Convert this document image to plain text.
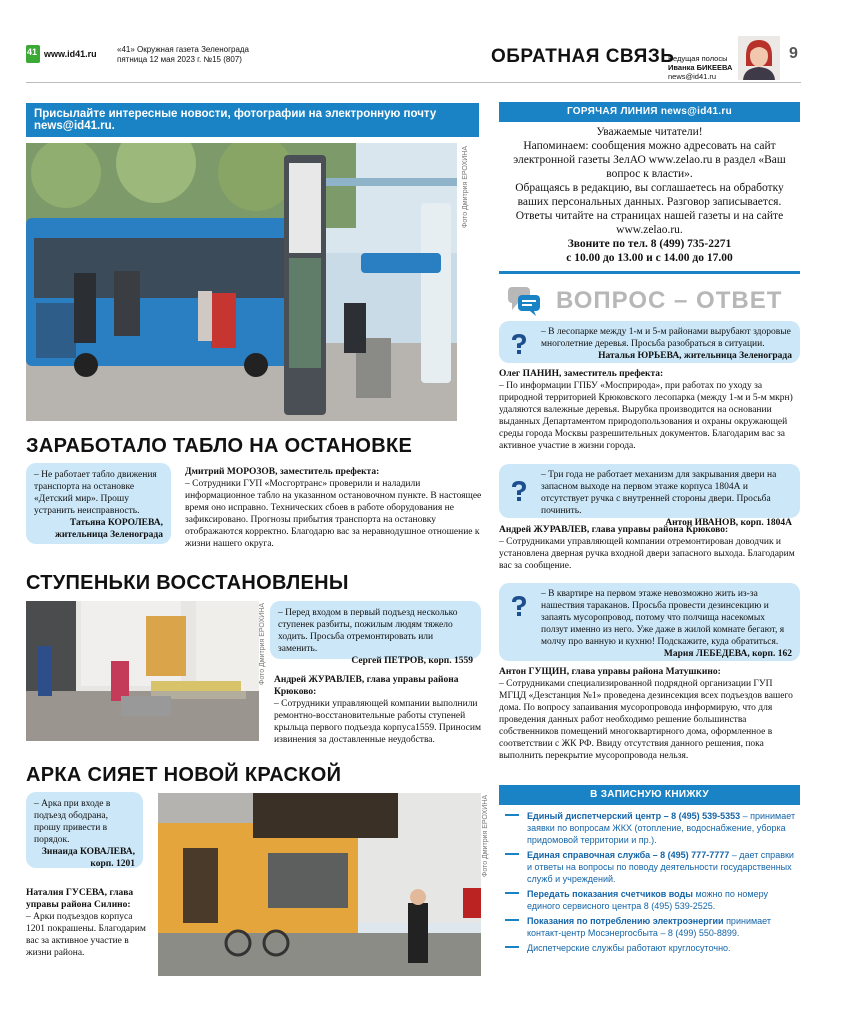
41
www.id41.ru	«41» Окружная газета Зеленограда
пятница 12 мая 2023 г. №15 (807)	ОБРАТНАЯ СВЯЗЬ
Ведущая полосы
Иванка БИКЕЕВА
news@id41.ru
9
Присылайте интересные новости, фотографии на электронную почту news@id41.ru.
Фото Дмитрия ЕРОХИНА
ЗАРАБОТАЛО ТАБЛО НА ОСТАНОВКЕ
– Не работает табло движения транспорта на остановке «Детский мир». Прошу устранить неисправность.
Татьяна КОРОЛЕВА, жительница Зеленограда
Дмитрий МОРОЗОВ, заместитель префекта:
– Сотрудники ГУП «Мосгортранс» проверили и наладили информационное табло на указанном остановочном пункте. В настоящее время оно исправно. Технических сбоев в работе оборудования не зафиксировано. Прогнозы прибытия транспорта на остановку отображаются корректно. Благодарю вас за неравнодушное отношение к жизни нашего округа.
СТУПЕНЬКИ ВОССТАНОВЛЕНЫ
Фото Дмитрия ЕРОХИНА – Перед входом в первый подъезд несколько ступенек разбиты, пожилым людям тяжело ходить. Просьба отремонтировать или заменить.
Сергей ПЕТРОВ, корп. 1559
Андрей ЖУРАВЛЕВ, глава управы района Крюково:
– Сотрудники управляющей компании выполнили ремонтно-восстановительные работы ступеней крыльца первого подъезда корпуса1559. Приносим извинения за доставленные неудобства.
АРКА СИЯЕТ НОВОЙ КРАСКОЙ
– Арка при входе в подъезд ободрана, прошу привести в порядок.
Зинаида КОВАЛЕВА, корп. 1201
Наталия ГУСЕВА, глава управы района Силино:
– Арки подъездов корпуса 1201 покрашены. Благодарим вас за активное участие в жизни района.
Фото Дмитрия ЕРОХИНА
ГОРЯЧАЯ ЛИНИЯ news@id41.ru
Уважаемые читатели!
Напоминаем: сообщения можно адресовать на сайт электронной газеты ЗелАО www.zelao.ru в раздел «Ваш вопрос к власти».
Обращаясь в редакцию, вы соглашаетесь на обработку ваших персональных данных. Разговор записывается.
Ответы читайте на страницах нашей газеты и на сайте www.zelao.ru.
Звоните по тел. 8 (499) 735-2271
с 10.00 до 13.00 и с 14.00 до 17.00
ВОПРОС – ОТВЕТ
– В лесопарке между 1-м и 5-м районами вырубают здоровые многолетние деревья. Просьба разобраться в ситуации.
Наталья ЮРЬЕВА, жительница Зеленограда
Олег ПАНИН, заместитель префекта:
– По информации ГПБУ «Мосприрода», при работах по уходу за природной территорией Крюковского лесопарка (между 1-м и 5-м мкрн) удаляются валежные деревья. Вырубка производится на основании выданных Департаментом природопользования и охраны окружающей среды города Москвы разрешительных документов. Благодарим вас за активное участие в жизни города.
– Три года не работает механизм для закрывания двери на запасном выходе на первом этаже корпуса 1804А и отсутствует ручка с внутренней стороны двери. Просьба починить.
Антон ИВАНОВ, корп. 1804А
Андрей ЖУРАВЛЕВ, глава управы района Крюково:
– Сотрудниками управляющей компании отремонтирован доводчик и установлена дверная ручка входной двери запасного выхода. Благодарим вас за сообщение.
– В квартире на первом этаже невозможно жить из-за нашествия тараканов. Просьба провести дезинсекцию и запаять мусоропровод, потому что полчища насекомых ползут именно из него. Уже даже в жилой комнате бегают, я молчу про ванную и кухню! Подскажите, куда обратиться.
Мария ЛЕБЕДЕВА, корп. 162
Антон ГУЩИН, глава управы района Матушкино:
– Сотрудниками специализированной подрядной организации ГУП МГЦД «Дезстанция №1» проведена дезинсекция всех подъездов вашего дома. По вопросу запаивания мусоропровода информирую, что для проведения данных работ необходимо решение большинства собственников помещений многоквартирного дома, оформленное в соответствии с ЖК РФ. Ввиду отсутствия данного решения, пока выполнить перекрытие мусоропровода нельзя.
В ЗАПИСНУЮ КНИЖКУ
Единый диспетчерский центр – 8 (495) 539-5353 – принимает заявки по вопросам ЖКХ (отопление, водоснабжение, уборка придомовой территории и пр.).
Единая справочная служба – 8 (495) 777-7777 – дает справки и ответы на вопросы по поводу деятельности государственных служб и учреждений.
Передать показания счетчиков воды можно по номеру единого сервисного центра 8 (495) 539-2525.
Показания по потреблению электроэнергии принимает контакт-центр Мосэнергосбыта – 8 (499) 550-8899.
Диспетчерские службы работают круглосуточно.
